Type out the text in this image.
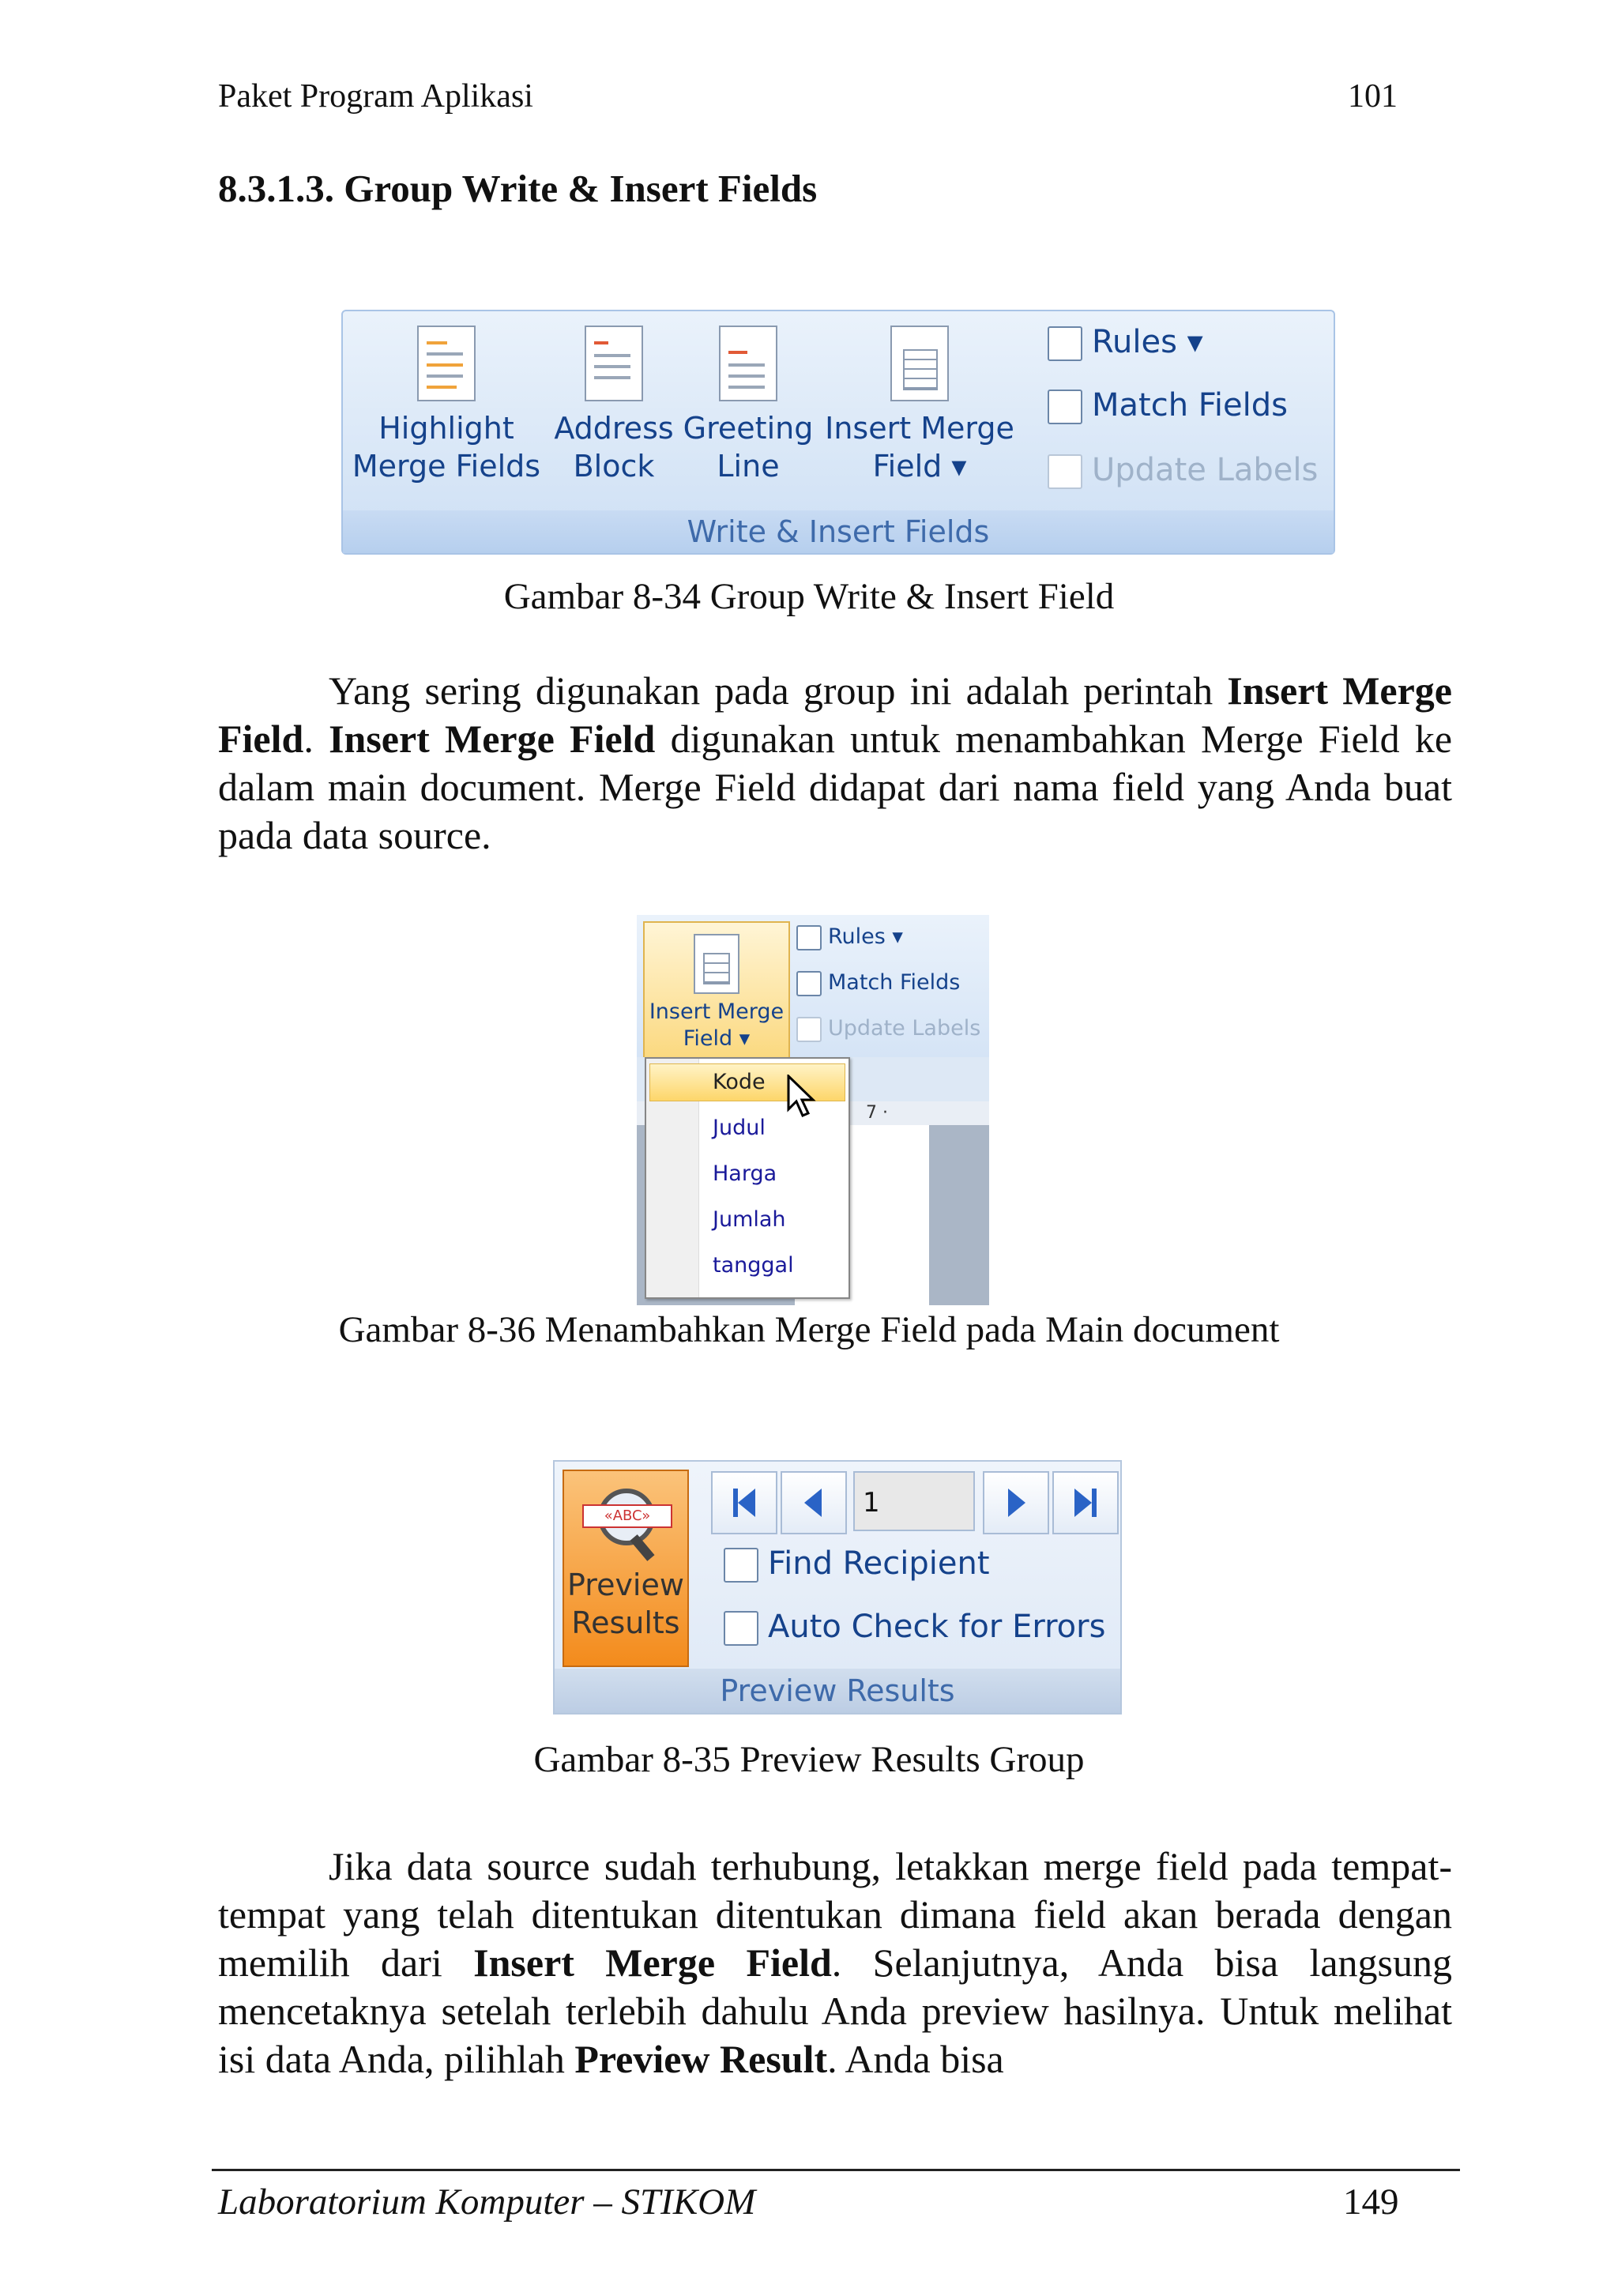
Paket Program Aplikasi	101
8.3.1.3. Group Write & Insert Fields
Highlight
Merge Fields
Address
Block
Greeting
Line
Insert Merge
Field ▾
Rules ▾
Match Fields
Update Labels
Write & Insert Fields
Gambar 8-34 Group Write & Insert Field

Yang sering digunakan pada group ini adalah perintah Insert Merge Field. Insert Merge Field digunakan untuk menambahkan Merge Field ke dalam main document. Merge Field didapat dari nama field yang Anda buat pada data source.

Insert Merge
Field ▾
Rules ▾
Match Fields
Update Labels
7 ·
Kode
Judul
Harga
Jumlah
tanggal
Gambar 8-36 Menambahkan Merge Field pada Main document
«ABC»
Preview
Results
1
Find Recipient
Auto Check for Errors
Preview Results
Gambar 8-35 Preview Results Group

Jika data source sudah terhubung, letakkan merge field pada tempat-tempat yang telah ditentukan ditentukan dimana field akan berada dengan memilih dari Insert Merge Field. Selanjutnya, Anda bisa langsung mencetaknya setelah terlebih dahulu Anda preview hasilnya. Untuk melihat isi data Anda, pilihlah Preview Result. Anda bisa

Laboratorium Komputer – STIKOM	149
